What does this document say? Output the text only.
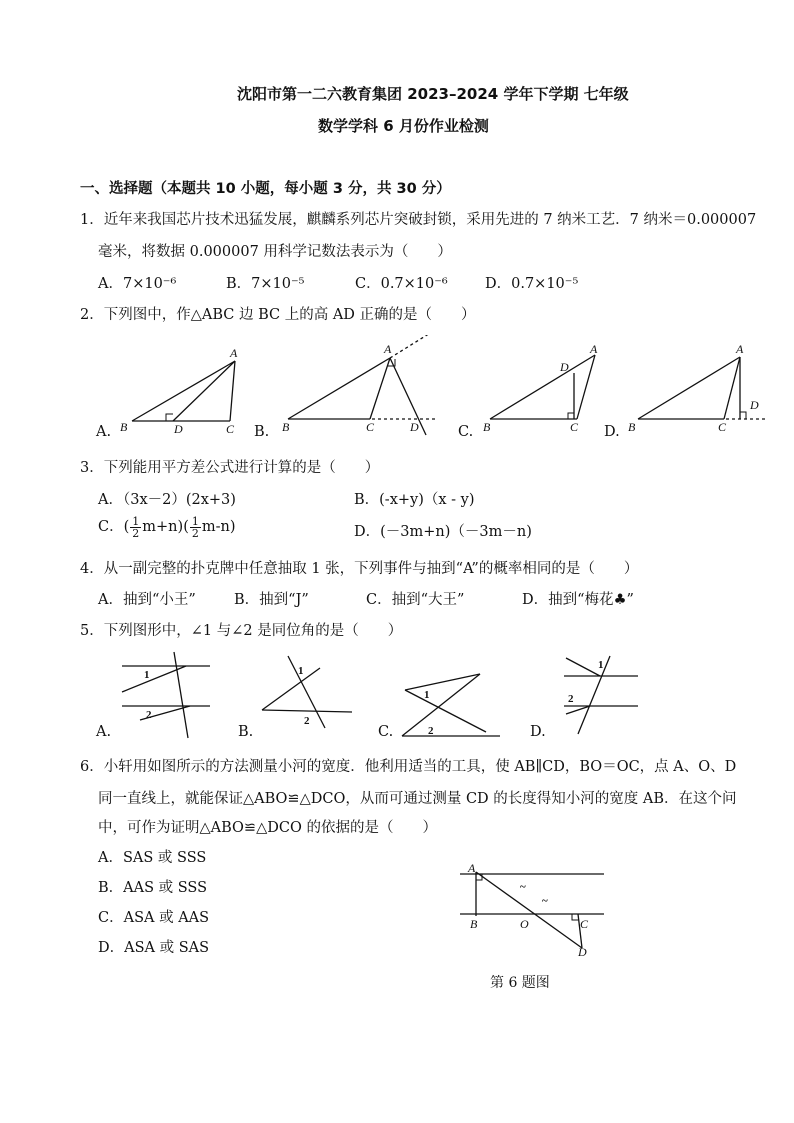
沈阳市第一二六教育集团 2023–2024 学年下学期 七年级
数学学科 6 月份作业检测
一、选择题（本题共 10 小题，每小题 3 分，共 30 分）
1．近年来我国芯片技术迅猛发展，麒麟系列芯片突破封锁，采用先进的 7 纳米工艺．7 纳米＝0.000007
毫米，将数据 0.000007 用科学记数法表示为（　　）
A．7×10⁻⁶	B．7×10⁻⁵	C．0.7×10⁻⁶	D．0.7×10⁻⁵
2．下列图中，作△ABC 边 BC 上的高 AD 正确的是（　　）
A
B	D	C
A
B	C	D
A
D
B	C
A
B	C
D
A.	B.	C.	D.
3．下列能用平方差公式进行计算的是（　　）
A．（3x－2）(2x+3)	B．(-x+y)（x - y)
C．( $\frac{1}{2} m+n)( \frac{1}{2} m-n)$	D．(－3m+n)（－3m－n)
4．从一副完整的扑克牌中任意抽取 1 张，下列事件与抽到“A”的概率相同的是（　　）
A．抽到“小王”	B．抽到“J”	C．抽到“大王”	D．抽到“梅花♣”
5．下列图形中，∠1 与∠2 是同位角的是（　　）
1
2
1
2
1
2
1
2
A.	B.	C.	D.
6．小轩用如图所示的方法测量小河的宽度．他利用适当的工具，使 AB∥CD，BO＝OC，点 A、O、D
同一直线上，就能保证△ABO≌△DCO，从而可通过测量 CD 的长度得知小河的宽度 AB．在这个问
中，可作为证明△ABO≌△DCO 的依据的是（　　）
A．SAS 或 SSS
B．AAS 或 SSS
C．ASA 或 AAS
D．ASA 或 SAS
A
B	O	C
D
~
~
第 6 题图
